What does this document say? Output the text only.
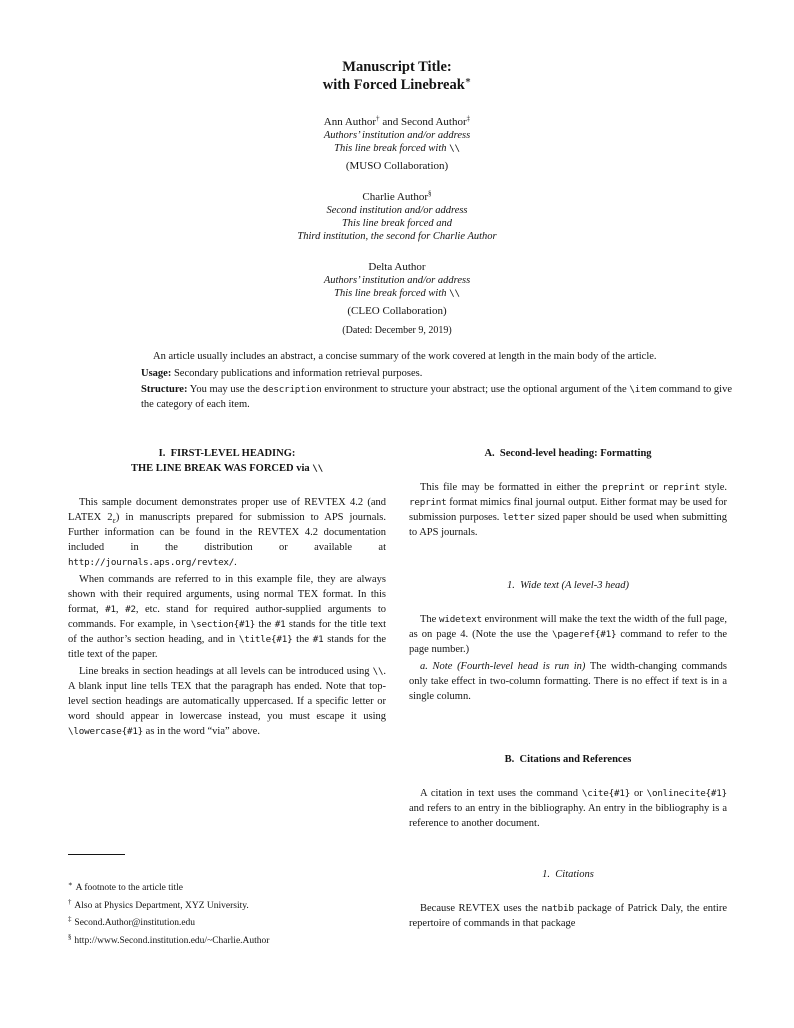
Manuscript Title:
with Forced Linebreak∗
Ann Author† and Second Author‡
Authors’ institution and/or address
This line break forced with \\
(MUSO Collaboration)
Charlie Author§
Second institution and/or address
This line break forced and
Third institution, the second for Charlie Author
Delta Author
Authors’ institution and/or address
This line break forced with \\
(CLEO Collaboration)
(Dated: December 9, 2019)

An article usually includes an abstract, a concise summary of the work covered at length in the main body of the article.

Usage: Secondary publications and information retrieval purposes.

Structure: You may use the description environment to structure your abstract; use the optional argument of the \item command to give the category of each item.

I.  FIRST-LEVEL HEADING:
THE LINE BREAK WAS FORCED via \\

This sample document demonstrates proper use of REVTEX 4.2 (and LATEX $2_\varepsilon$) in manuscripts prepared for submission to APS journals. Further information can be found in the REVTEX 4.2 documentation included in the distribution or available at http://journals.aps.org/revtex/.

When commands are referred to in this example file, they are always shown with their required arguments, using normal TEX format. In this format, #1, #2, etc. stand for required author-supplied arguments to commands. For example, in \section{#1} the #1 stands for the title text of the author’s section heading, and in \title{#1} the #1 stands for the title text of the paper.

Line breaks in section headings at all levels can be introduced using \\. A blank input line tells TEX that the paragraph has ended. Note that top-level section headings are automatically uppercased. If a specific letter or word should appear in lowercase instead, you must escape it using \lowercase{#1} as in the word “via” above.

A.  Second-level heading: Formatting

This file may be formatted in either the preprint or reprint style. reprint format mimics final journal output. Either format may be used for submission purposes. letter sized paper should be used when submitting to APS journals.

1.  Wide text (A level-3 head)

The widetext environment will make the text the width of the full page, as on page 4. (Note the use the \pageref{#1} command to refer to the page number.)

a. Note (Fourth-level head is run in) The width-changing commands only take effect in two-column formatting. There is no effect if text is in a single column.

B.  Citations and References

A citation in text uses the command \cite{#1} or \onlinecite{#1} and refers to an entry in the bibliography. An entry in the bibliography is a reference to another document.

1.  Citations

Because REVTEX uses the natbib package of Patrick Daly, the entire repertoire of commands in that package

∗ A footnote to the article title
† Also at Physics Department, XYZ University.
‡ Second.Author@institution.edu
§ http://www.Second.institution.edu/~Charlie.Author
